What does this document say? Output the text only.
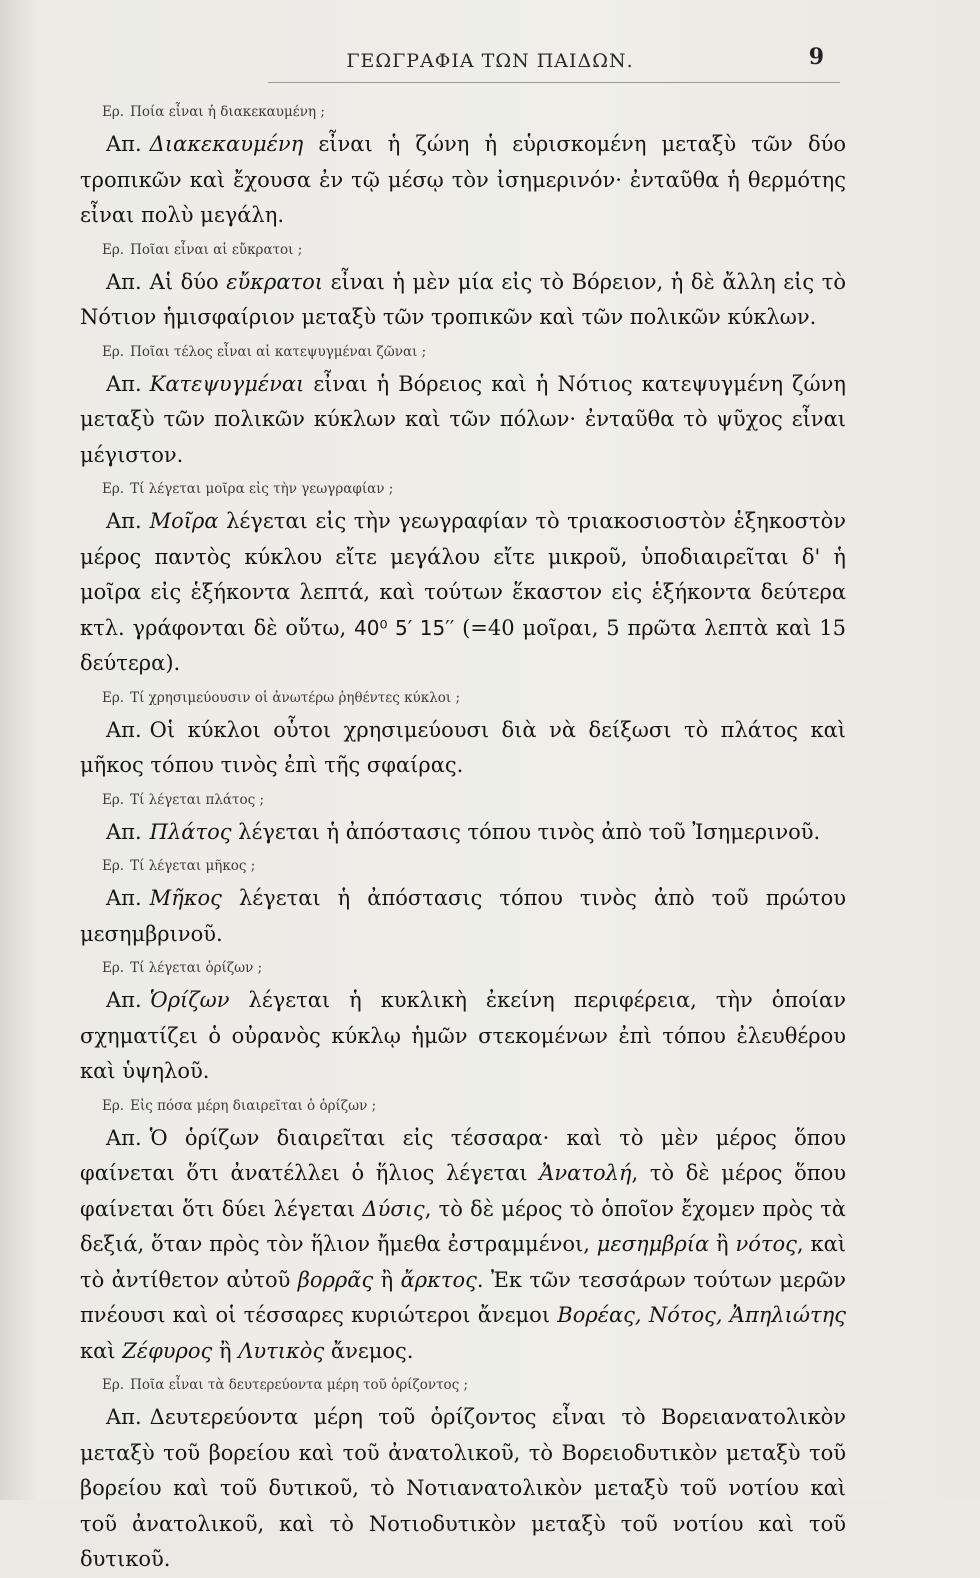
ΓΕΩΓΡΑΦΙΑ ΤΩΝ ΠΑΙΔΩΝ.	9

Ερ. Ποία εἶναι ἡ διακεκαυμένη ;

Απ. Διακεκαυμένη εἶναι ἡ ζώνη ἡ εὑρισκομένη μεταξὺ τῶν δύο τροπικῶν καὶ ἔχουσα ἐν τῷ μέσῳ τὸν ἰσημερινόν· ἐνταῦθα ἡ θερμότης εἶναι πολὺ μεγάλη.

Ερ. Ποῖαι εἶναι αἱ εὔκρατοι ;

Απ. Αἱ δύο εὔκρατοι εἶναι ἡ μὲν μία εἰς τὸ Βόρειον, ἡ δὲ ἄλλη εἰς τὸ Νότιον ἡμισφαίριον μεταξὺ τῶν τροπικῶν καὶ τῶν πολικῶν κύκλων.

Ερ. Ποῖαι τέλος εἶναι αἱ κατεψυγμέναι ζῶναι ;

Απ. Κατεψυγμέναι εἶναι ἡ Βόρειος καὶ ἡ Νότιος κατεψυγμένη ζώνη μεταξὺ τῶν πολικῶν κύκλων καὶ τῶν πόλων· ἐνταῦθα τὸ ψῦχος εἶναι μέγιστον.

Ερ. Τί λέγεται μοῖρα εἰς τὴν γεωγραφίαν ;

Απ. Μοῖρα λέγεται εἰς τὴν γεωγραφίαν τὸ τριακοσιοστὸν ἑξηκοστὸν μέρος παντὸς κύκλου εἴτε μεγάλου εἴτε μικροῦ, ὑποδιαιρεῖται δ' ἡ μοῖρα εἰς ἑξήκοντα λεπτά, καὶ τούτων ἕκαστον εἰς ἑξήκοντα δεύτερα κτλ. γράφονται δὲ οὕτω, 40⁰ 5′ 15′′ (=40 μοῖραι, 5 πρῶτα λεπτὰ καὶ 15 δεύτερα).

Ερ. Τί χρησιμεύουσιν οἱ ἀνωτέρω ῥηθέντες κύκλοι ;

Απ. Οἱ κύκλοι οὗτοι χρησιμεύουσι διὰ νὰ δείξωσι τὸ πλάτος καὶ μῆκος τόπου τινὸς ἐπὶ τῆς σφαίρας.

Ερ. Τί λέγεται πλάτος ;

Απ. Πλάτος λέγεται ἡ ἀπόστασις τόπου τινὸς ἀπὸ τοῦ Ἰσημερινοῦ.

Ερ. Τί λέγεται μῆκος ;

Απ. Μῆκος λέγεται ἡ ἀπόστασις τόπου τινὸς ἀπὸ τοῦ πρώτου μεσημβρινοῦ.

Ερ. Τί λέγεται ὁρίζων ;

Απ. Ὁρίζων λέγεται ἡ κυκλικὴ ἐκείνη περιφέρεια, τὴν ὁποίαν σχηματίζει ὁ οὐρανὸς κύκλῳ ἡμῶν στεκομένων ἐπὶ τόπου ἐλευθέρου καὶ ὑψηλοῦ.

Ερ. Εἰς πόσα μέρη διαιρεῖται ὁ ὁρίζων ;

Απ. Ὁ ὁρίζων διαιρεῖται εἰς τέσσαρα· καὶ τὸ μὲν μέρος ὅπου φαίνεται ὅτι ἀνατέλλει ὁ ἥλιος λέγεται Ἀνατολή, τὸ δὲ μέρος ὅπου φαίνεται ὅτι δύει λέγεται Δύσις, τὸ δὲ μέρος τὸ ὁποῖον ἔχομεν πρὸς τὰ δεξιά, ὅταν πρὸς τὸν ἥλιον ἤμεθα ἐστραμμένοι, μεσημβρία ἢ νότος, καὶ τὸ ἀντίθετον αὐτοῦ βορρᾶς ἢ ἄρκτος. Ἐκ τῶν τεσσάρων τούτων μερῶν πνέουσι καὶ οἱ τέσσαρες κυριώτεροι ἄνεμοι Βορέας, Νότος, Ἀπηλιώτης καὶ Ζέφυρος ἢ Λυτικὸς ἄνεμος.

Ερ. Ποῖα εἶναι τὰ δευτερεύοντα μέρη τοῦ ὁρίζοντος ;

Απ. Δευτερεύοντα μέρη τοῦ ὁρίζοντος εἶναι τὸ Βορειανατολικὸν μεταξὺ τοῦ βορείου καὶ τοῦ ἀνατολικοῦ, τὸ Βορειοδυτικὸν μεταξὺ τοῦ βορείου καὶ τοῦ δυτικοῦ, τὸ Νοτιανατολικὸν μεταξὺ τοῦ νοτίου καὶ τοῦ ἀνατολικοῦ, καὶ τὸ Νοτιοδυτικὸν μεταξὺ τοῦ νοτίου καὶ τοῦ δυτικοῦ.
